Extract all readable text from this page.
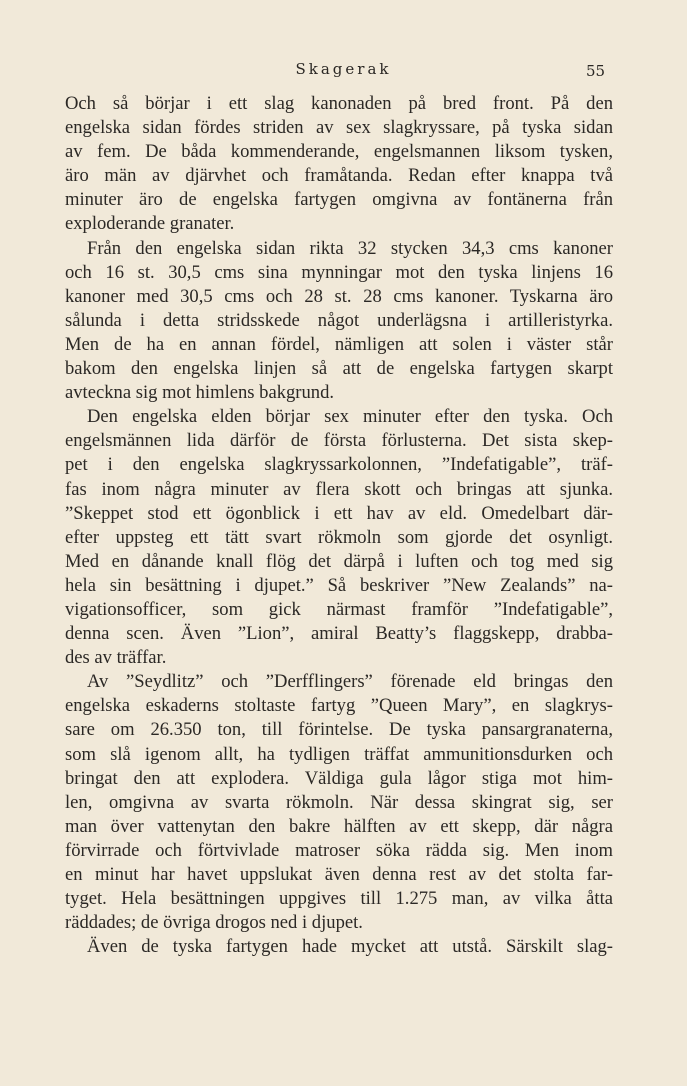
Skagerak	55
Och så börjar i ett slag kanonaden på bred front. På den
engelska sidan fördes striden av sex slagkryssare, på tyska sidan
av fem. De båda kommenderande, engelsmannen liksom tysken,
äro män av djärvhet och framåtanda. Redan efter knappa två
minuter äro de engelska fartygen omgivna av fontänerna från
exploderande granater.
Från den engelska sidan rikta 32 stycken 34,3 cms kanoner
och 16 st. 30,5 cms sina mynningar mot den tyska linjens 16
kanoner med 30,5 cms och 28 st. 28 cms kanoner. Tyskarna äro
sålunda i detta stridsskede något underlägsna i artilleristyrka.
Men de ha en annan fördel, nämligen att solen i väster står
bakom den engelska linjen så att de engelska fartygen skarpt
avteckna sig mot himlens bakgrund.
Den engelska elden börjar sex minuter efter den tyska. Och
engelsmännen lida därför de första förlusterna. Det sista skep-
pet i den engelska slagkryssarkolonnen, ”Indefatigable”, träf-
fas inom några minuter av flera skott och bringas att sjunka.
”Skeppet stod ett ögonblick i ett hav av eld. Omedelbart där-
efter uppsteg ett tätt svart rökmoln som gjorde det osynligt.
Med en dånande knall flög det därpå i luften och tog med sig
hela sin besättning i djupet.” Så beskriver ”New Zealands” na-
vigationsofficer, som gick närmast framför ”Indefatigable”,
denna scen. Även ”Lion”, amiral Beatty’s flaggskepp, drabba-
des av träffar.
Av ”Seydlitz” och ”Derfflingers” förenade eld bringas den
engelska eskaderns stoltaste fartyg ”Queen Mary”, en slagkrys-
sare om 26.350 ton, till förintelse. De tyska pansargranaterna,
som slå igenom allt, ha tydligen träffat ammunitionsdurken och
bringat den att explodera. Väldiga gula lågor stiga mot him-
len, omgivna av svarta rökmoln. När dessa skingrat sig, ser
man över vattenytan den bakre hälften av ett skepp, där några
förvirrade och förtvivlade matroser söka rädda sig. Men inom
en minut har havet uppslukat även denna rest av det stolta far-
tyget. Hela besättningen uppgives till 1.275 man, av vilka åtta
räddades; de övriga drogos ned i djupet.
Även de tyska fartygen hade mycket att utstå. Särskilt slag-
